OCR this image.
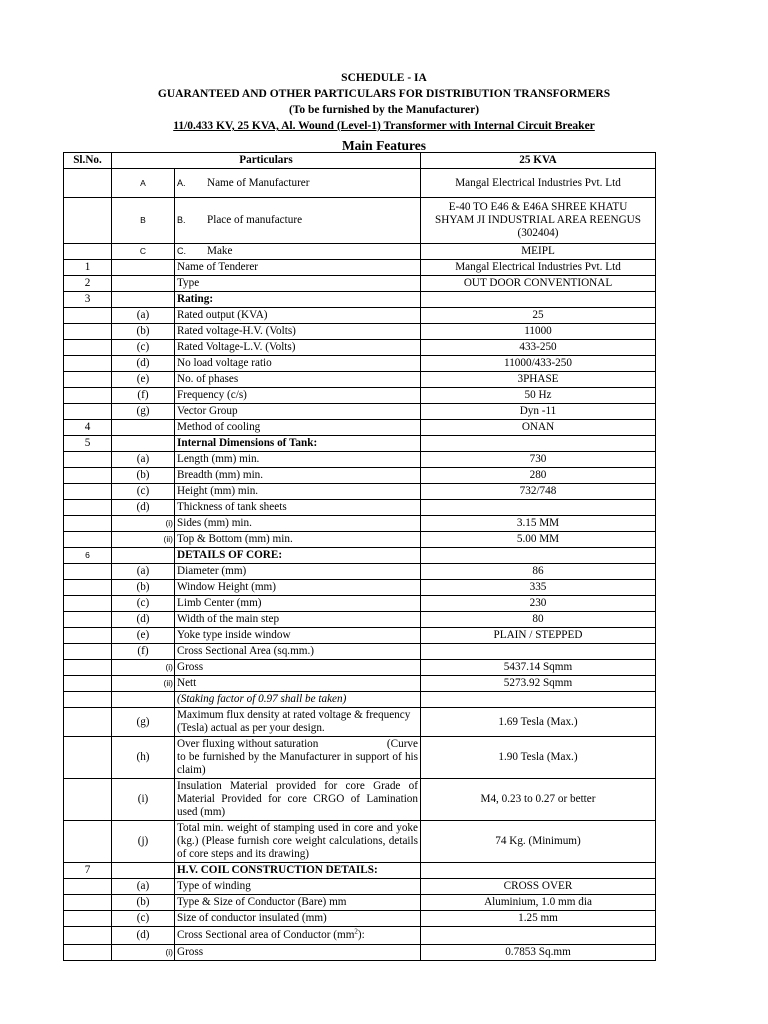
SCHEDULE - IA
GUARANTEED AND OTHER PARTICULARS FOR DISTRIBUTION TRANSFORMERS
(To be furnished by the Manufacturer)
11/0.433 KV, 25 KVA, Al. Wound (Level-1) Transformer with Internal Circuit Breaker
Main Features
Sl.No.	Particulars		25 KVA
	A	A. Name of Manufacturer	Mangal Electrical Industries Pvt. Ltd
	B	B. Place of manufacture	E-40 TO E46 & E46A SHREE KHATU
SHYAM JI INDUSTRIAL AREA REENGUS
(302404)

	C	C. Make	MEIPL
1		Name of Tenderer	Mangal Electrical Industries Pvt. Ltd
2		Type	OUT DOOR CONVENTIONAL
3		Rating:	
	(a)	Rated output (KVA)	25
	(b)	Rated voltage-H.V. (Volts)	11000
	(c)	Rated Voltage-L.V. (Volts)	433-250
	(d)	No load voltage ratio	11000/433-250
	(e)	No. of phases	3PHASE
	(f)	Frequency (c/s)	50 Hz
	(g)	Vector Group	Dyn -11
4		Method of cooling	ONAN
5		Internal Dimensions of Tank:	
	(a)	Length (mm) min.	730
	(b)	Breadth (mm) min.	280
	(c)	Height (mm) min.	732/748
	(d)	Thickness of tank sheets	
	(i)	Sides (mm) min.	3.15 MM
	(ii)	Top & Bottom (mm) min.	5.00 MM
6		DETAILS OF CORE:	
	(a)	Diameter (mm)	86
	(b)	Window Height (mm)	335
	(c)	Limb Center (mm)	230
	(d)	Width of the main step	80
	(e)	Yoke type inside window	PLAIN / STEPPED
	(f)	Cross Sectional Area (sq.mm.)	
	(i)	Gross	5437.14 Sqmm
	(ii)	Nett	5273.92 Sqmm
		(Staking factor of 0.97 shall be taken)	
	(g)	Maximum flux density at rated voltage & frequency
(Tesla) actual as per your design.	1.69 Tesla (Max.)
	(h)	Over fluxing without saturation (Curve
to be furnished by the Manufacturer in support of his claim)	1.90 Tesla (Max.)
	(i)	Insulation Material provided for core Grade of Material Provided for core CRGO of Lamination used (mm)	M4, 0.23 to 0.27 or better
	(j)	Total min. weight of stamping used in core and yoke (kg.) (Please furnish core weight calculations, details of core steps and its drawing)	74 Kg. (Minimum)
7		H.V. COIL CONSTRUCTION DETAILS:	
	(a)	Type of winding	CROSS OVER
	(b)	Type & Size of Conductor (Bare) mm	Aluminium, 1.0 mm dia
	(c)	Size of conductor insulated (mm)	1.25 mm
	(d)	Cross Sectional area of Conductor $(mm^2)$:	
	(i)	Gross	0.7853 Sq.mm
